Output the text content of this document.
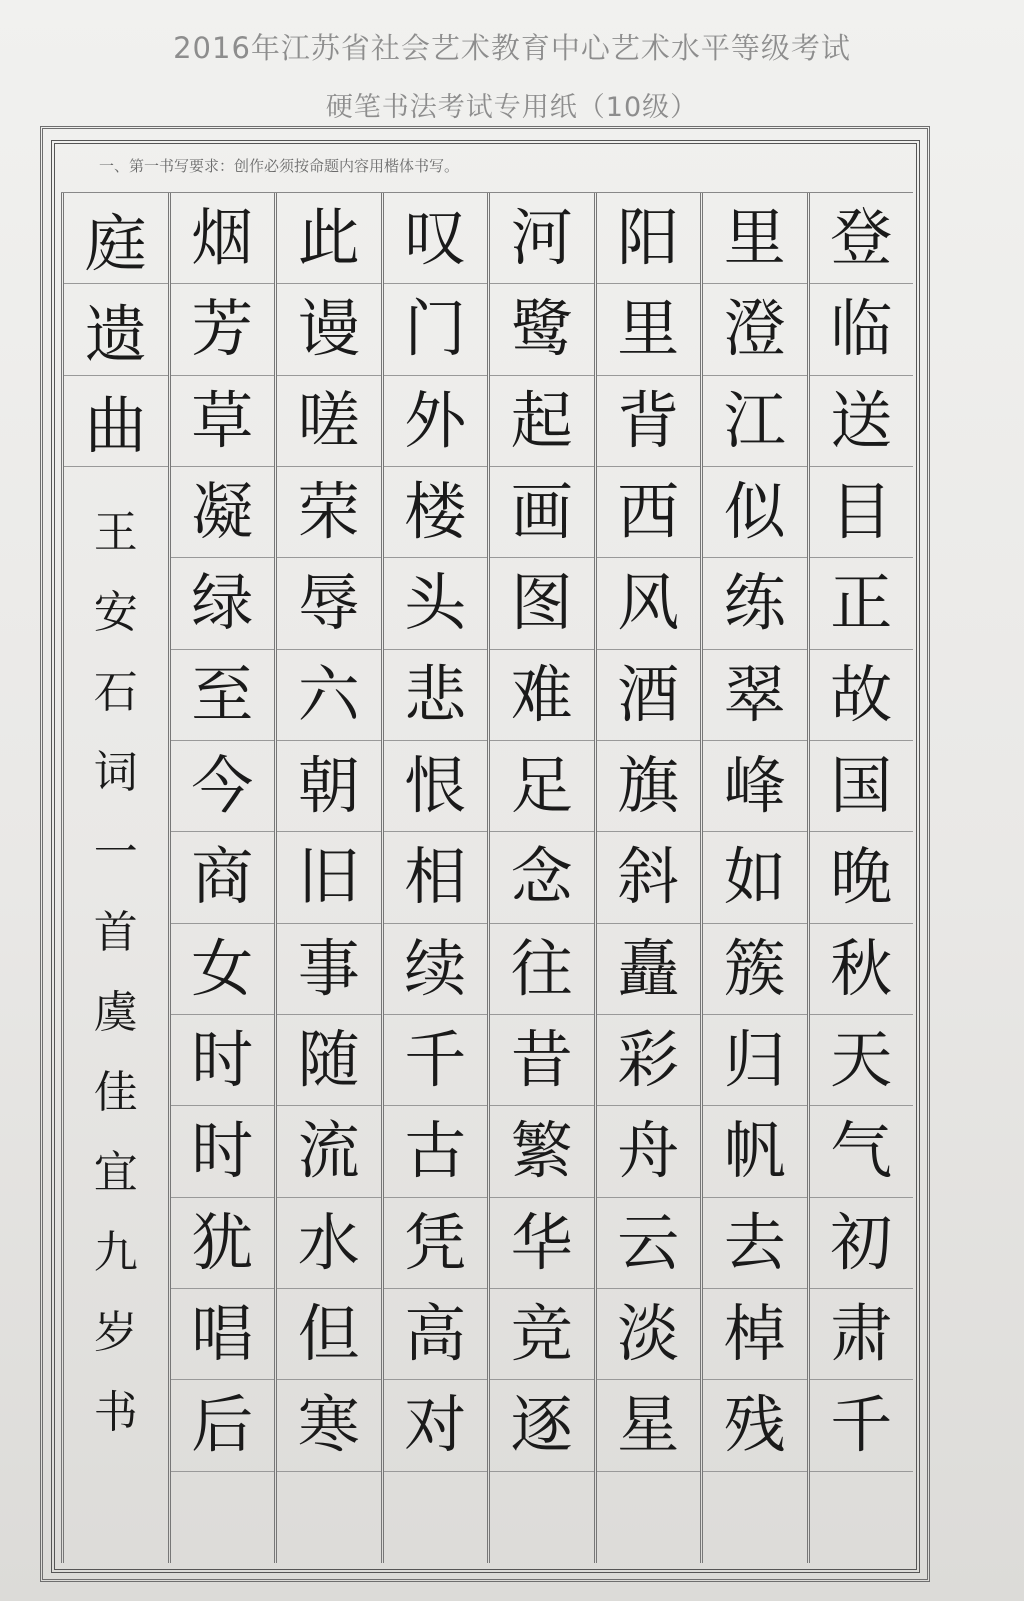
2016年江苏省社会艺术教育中心艺术水平等级考试
硬笔书法考试专用纸（10级）
一、第一书写要求：创作必须按命题内容用楷体书写。
登
临
送
目
正
故
国
晚
秋
天
气
初
肃
千
里
澄
江
似
练
翠
峰
如
簇
归
帆
去
棹
残
阳
里
背
西
风
酒
旗
斜
矗
彩
舟
云
淡
星
河
鹭
起
画
图
难
足
念
往
昔
繁
华
竞
逐
叹
门
外
楼
头
悲
恨
相
续
千
古
凭
高
对
此
谩
嗟
荣
辱
六
朝
旧
事
随
流
水
但
寒
烟
芳
草
凝
绿
至
今
商
女
时
时
犹
唱
后
庭
遗
曲
王
安
石
词
一
首
虞
佳
宜
九
岁
书
